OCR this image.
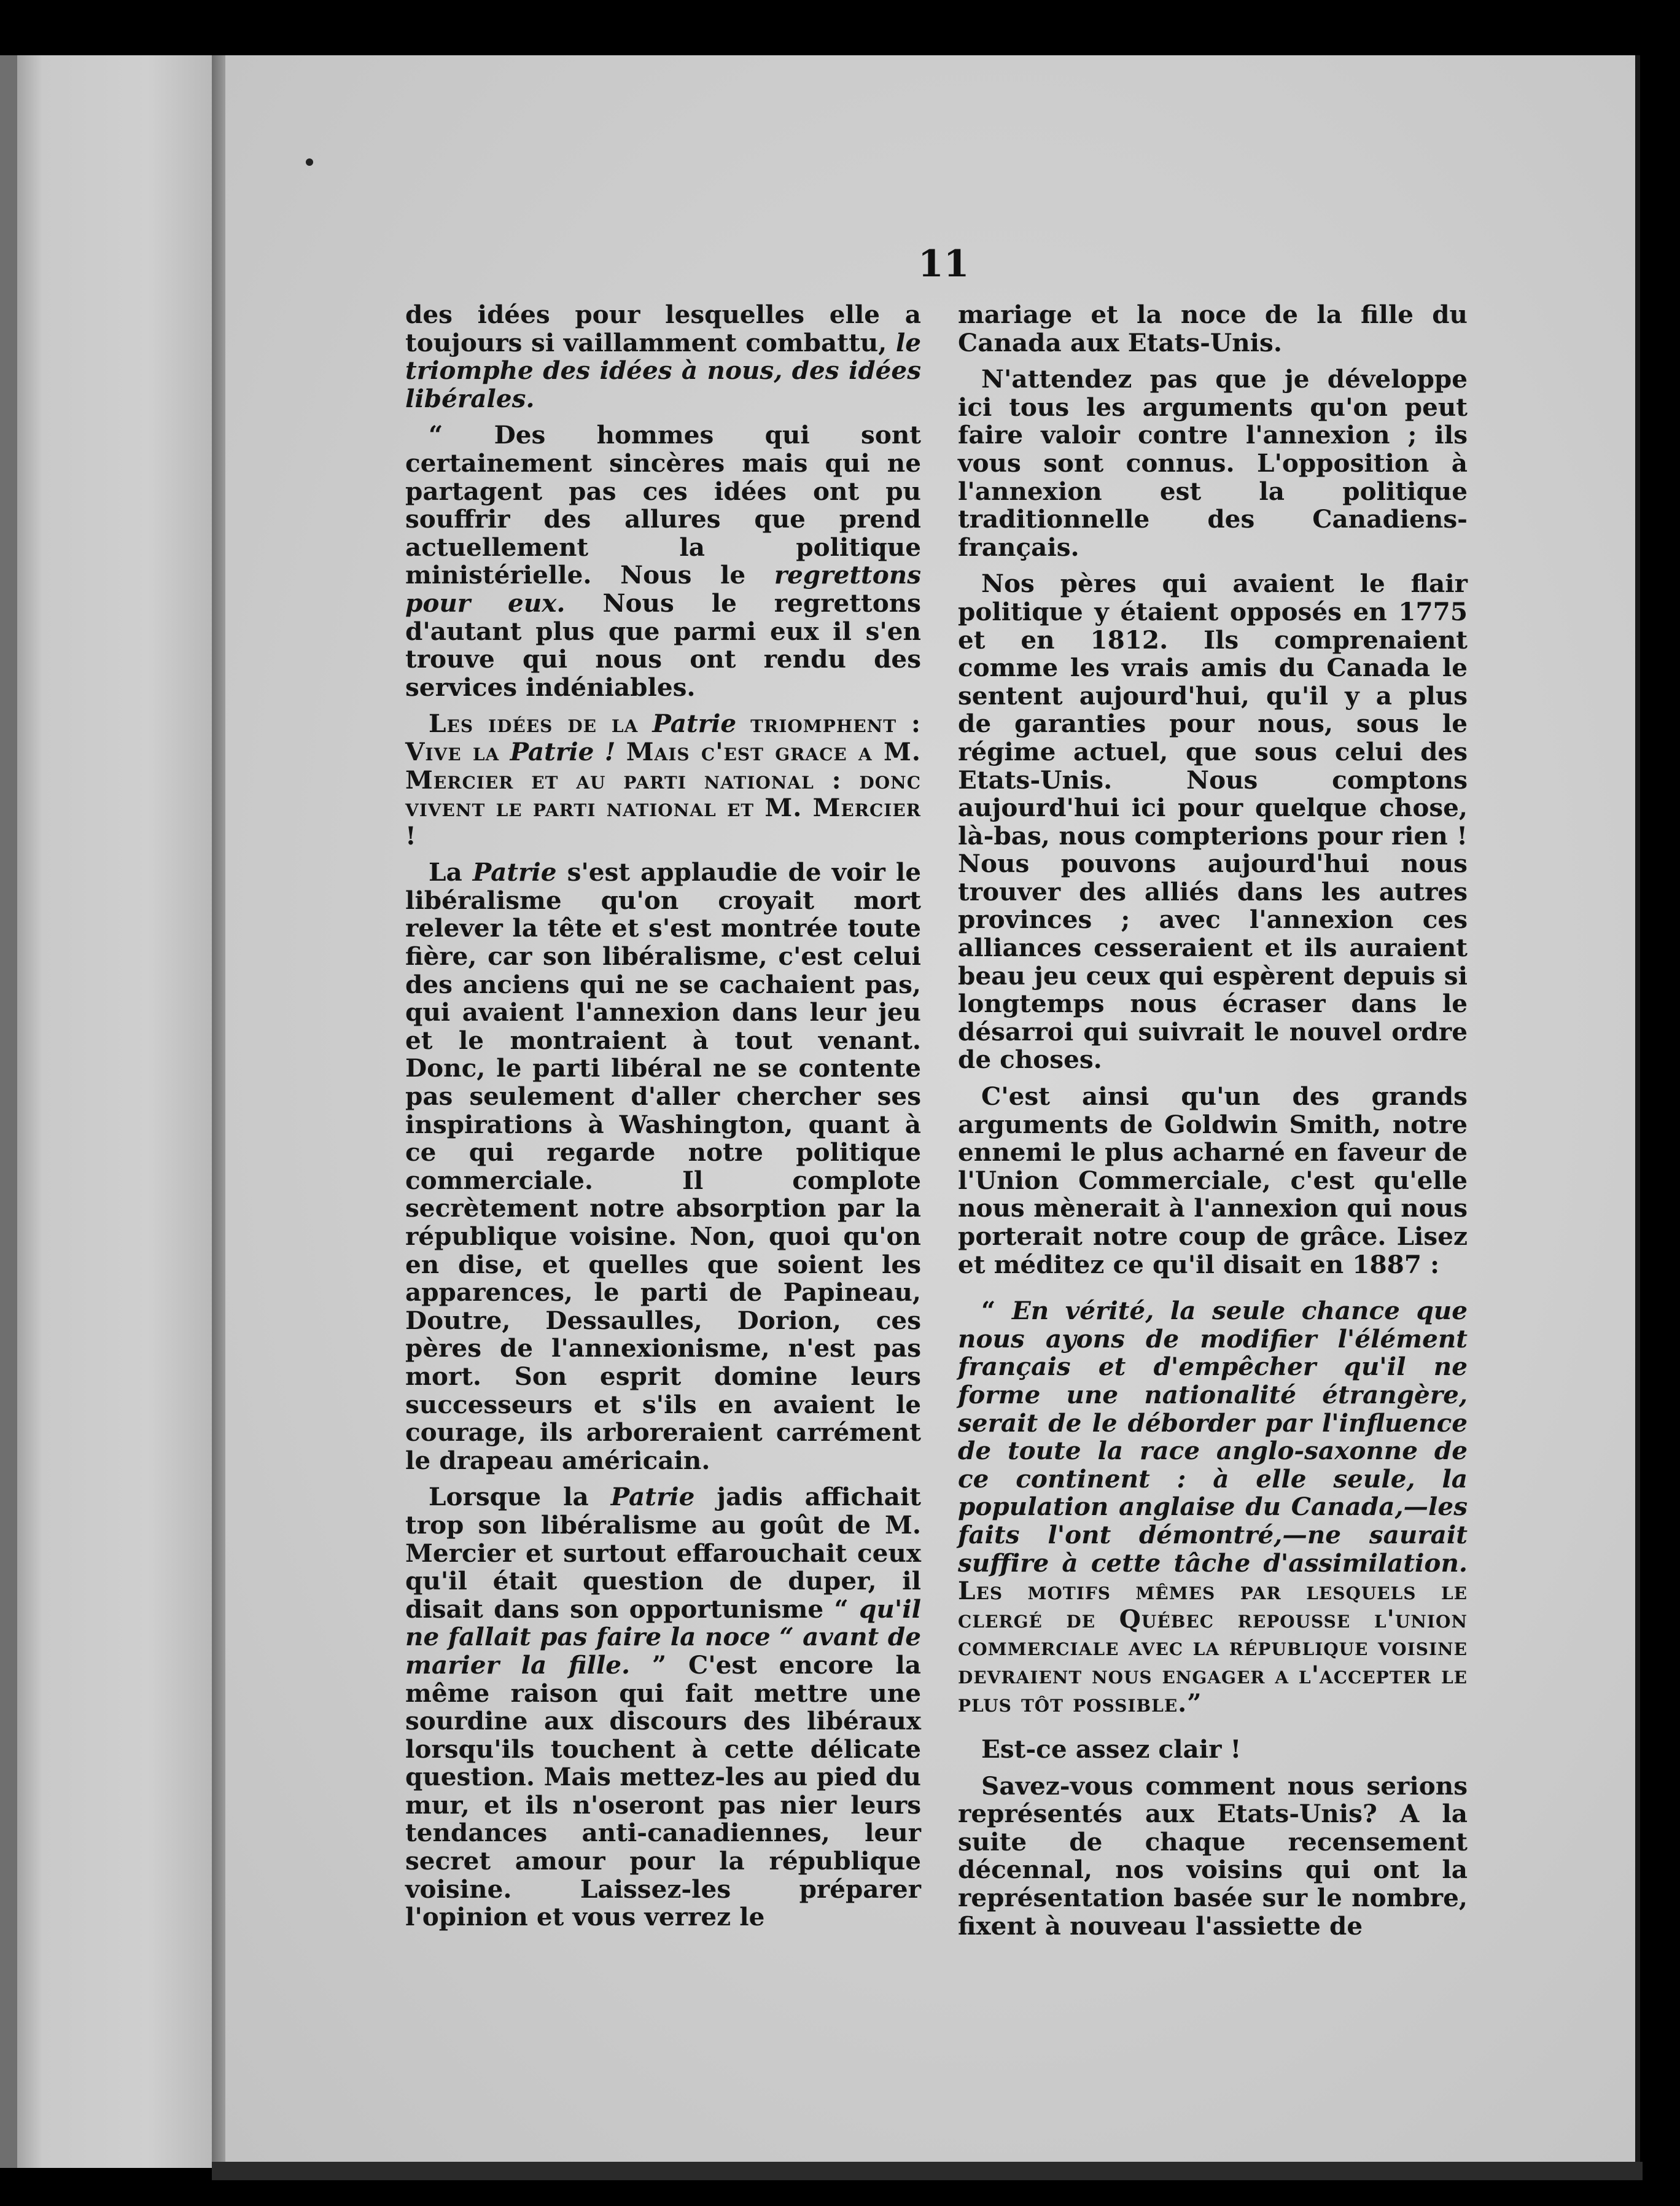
11

des idées pour lesquelles elle a toujours si vaillamment combattu, le triomphe des idées à nous, des idées libérales.

“ Des hommes qui sont certainement sincères mais qui ne partagent pas ces idées ont pu souffrir des allures que prend actuellement la politique ministérielle. Nous le regrettons pour eux. Nous le regrettons d'autant plus que parmi eux il s'en trouve qui nous ont rendu des services indéniables.

Les idées de la Patrie triomphent : Vive la Patrie ! Mais c'est grace a M. Mercier et au parti national : donc vivent le parti national et M. Mercier !

La Patrie s'est applaudie de voir le libéralisme qu'on croyait mort relever la tête et s'est montrée toute fière, car son libéralisme, c'est celui des anciens qui ne se cachaient pas, qui avaient l'annexion dans leur jeu et le montraient à tout venant. Donc, le parti libéral ne se contente pas seulement d'aller chercher ses inspirations à Washington, quant à ce qui regarde notre politique commerciale. Il complote secrètement notre absorption par la république voisine. Non, quoi qu'on en dise, et quelles que soient les apparences, le parti de Papineau, Doutre, Dessaulles, Dorion, ces pères de l'annexionisme, n'est pas mort. Son esprit domine leurs successeurs et s'ils en avaient le courage, ils arboreraient carrément le drapeau américain.

Lorsque la Patrie jadis affichait trop son libéralisme au goût de M. Mercier et surtout effarouchait ceux qu'il était question de duper, il disait dans son opportunisme “ qu'il ne fallait pas faire la noce “ avant de marier la fille. ” C'est encore la même raison qui fait mettre une sourdine aux discours des libéraux lorsqu'ils touchent à cette délicate question. Mais mettez-les au pied du mur, et ils n'oseront pas nier leurs tendances anti-canadiennes, leur secret amour pour la république voisine. Laissez-les préparer l'opinion et vous verrez le

mariage et la noce de la fille du Canada aux Etats-Unis.

N'attendez pas que je développe ici tous les arguments qu'on peut faire valoir contre l'annexion ; ils vous sont connus. L'opposition à l'annexion est la politique traditionnelle des Canadiens-français.

Nos pères qui avaient le flair politique y étaient opposés en 1775 et en 1812. Ils comprenaient comme les vrais amis du Canada le sentent aujourd'hui, qu'il y a plus de garanties pour nous, sous le régime actuel, que sous celui des Etats-Unis. Nous comptons aujourd'hui ici pour quelque chose, là-bas, nous compterions pour rien ! Nous pouvons aujourd'hui nous trouver des alliés dans les autres provinces ; avec l'annexion ces alliances cesseraient et ils auraient beau jeu ceux qui espèrent depuis si longtemps nous écraser dans le désarroi qui suivrait le nouvel ordre de choses.

C'est ainsi qu'un des grands arguments de Goldwin Smith, notre ennemi le plus acharné en faveur de l'Union Commerciale, c'est qu'elle nous mènerait à l'annexion qui nous porterait notre coup de grâce. Lisez et méditez ce qu'il disait en 1887 :

“ En vérité, la seule chance que nous ayons de modifier l'élément français et d'empêcher qu'il ne forme une nationalité étrangère, serait de le déborder par l'influence de toute la race anglo-saxonne de ce continent : à elle seule, la population anglaise du Canada,—les faits l'ont démontré,—ne saurait suffire à cette tâche d'assimilation. Les motifs mêmes par lesquels le clergé de Québec repousse l'union commerciale avec la république voisine devraient nous engager a l'accepter le plus tôt possible.”

Est-ce assez clair !

Savez-vous comment nous serions représentés aux Etats-Unis? A la suite de chaque recensement décennal, nos voisins qui ont la représentation basée sur le nombre, fixent à nouveau l'assiette de
